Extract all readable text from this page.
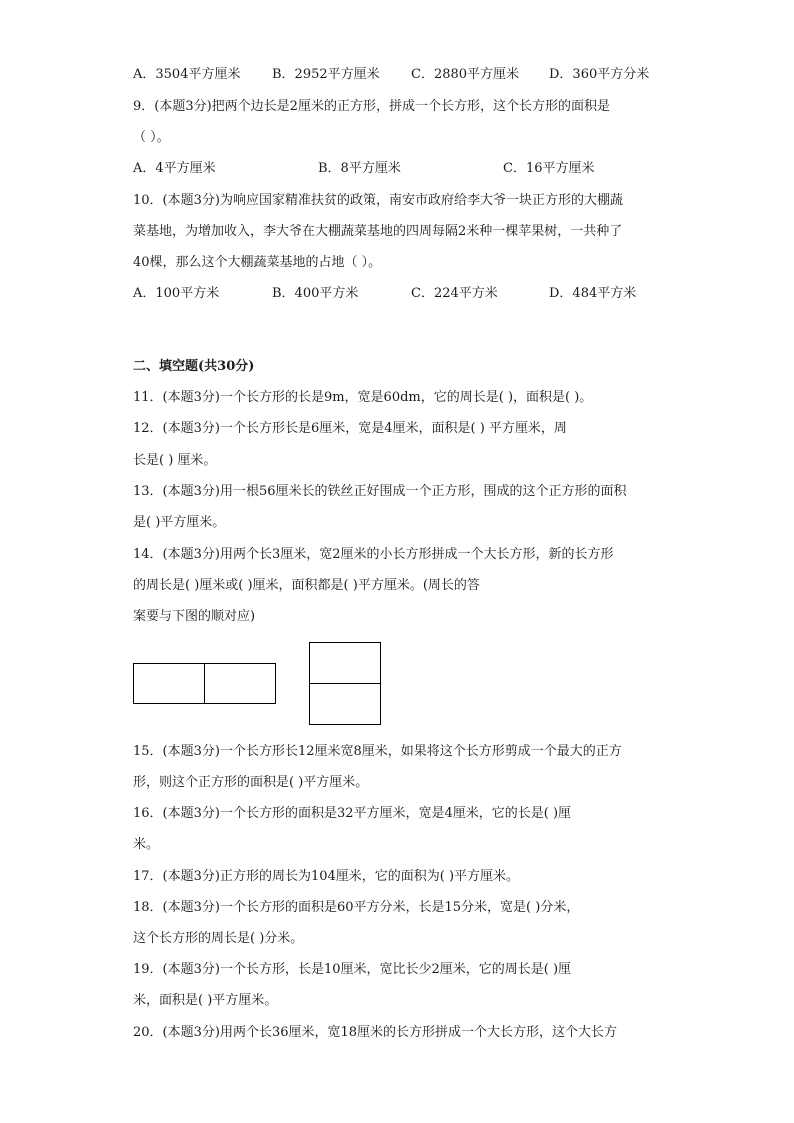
A．3504平方厘米 B．2952平方厘米 C．2880平方厘米 D．360平方分米
9．(本题3分)把两个边长是2厘米的正方形，拼成一个长方形，这个长方形的面积是
（ ）。
A．4平方厘米	B．8平方厘米	C．16平方厘米
10．(本题3分)为响应国家精准扶贫的政策，南安市政府给李大爷一块正方形的大棚蔬
菜基地，为增加收入，李大爷在大棚蔬菜基地的四周每隔2米种一棵苹果树，一共种了
40棵，那么这个大棚蔬菜基地的占地（ ）。
A．100平方米	B．400平方米	C．224平方米	D．484平方米
二、填空题(共30分)
11．(本题3分)一个长方形的长是9m，宽是60dm，它的周长是( )，面积是( )。
12．(本题3分)一个长方形长是6厘米，宽是4厘米，面积是( ) 平方厘米，周
长是( ) 厘米。
13．(本题3分)用一根56厘米长的铁丝正好围成一个正方形，围成的这个正方形的面积
是( )平方厘米。
14．(本题3分)用两个长3厘米，宽2厘米的小长方形拼成一个大长方形，新的长方形
的周长是( )厘米或( )厘米，面积都是( )平方厘米。(周长的答
案要与下图的顺对应)
15．(本题3分)一个长方形长12厘米宽8厘米，如果将这个长方形剪成一个最大的正方
形，则这个正方形的面积是( )平方厘米。
16．(本题3分)一个长方形的面积是32平方厘米，宽是4厘米，它的长是( )厘
米。
17．(本题3分)正方形的周长为104厘米，它的面积为( )平方厘米。
18．(本题3分)一个长方形的面积是60平方分米，长是15分米，宽是( )分米，
这个长方形的周长是( )分米。
19．(本题3分)一个长方形，长是10厘米，宽比长少2厘米，它的周长是( )厘
米，面积是( )平方厘米。
20．(本题3分)用两个长36厘米，宽18厘米的长方形拼成一个大长方形，这个大长方
